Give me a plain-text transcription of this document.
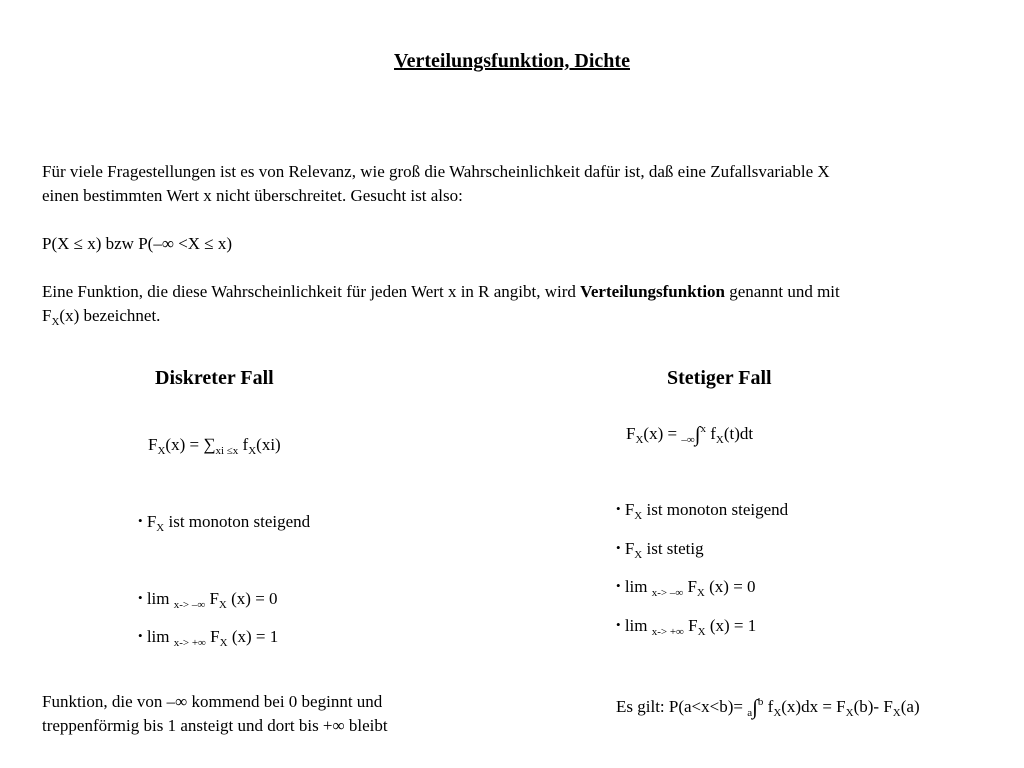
Verteilungsfunktion, Dichte
Für viele Fragestellungen ist es von Relevanz, wie groß die Wahrscheinlichkeit dafür ist, daß eine Zufallsvariable X
einen bestimmten Wert x nicht überschreitet. Gesucht ist also:
P(X ≤ x) bzw P(–∞ <X ≤ x)
Eine Funktion, die diese Wahrscheinlichkeit für jeden Wert x in R angibt, wird Verteilungsfunktion genannt und mit
$F_X(x)$ bezeichnet.
Diskreter Fall
$F_X(x) = \sum_{xi \le x}$ $f_X(xi)$
• $F_X$ ist monoton steigend
• lim $_{x-> -\infty}$ $F_X$ (x) = 0
• lim $_{x-> +\infty}$ $F_X$ (x) = 1
Funktion, die von –∞ kommend bei 0 beginnt und
treppenförmig bis 1 ansteigt und dort bis +∞ bleibt
Stetiger Fall
$F_X(x) = _{-\infty}\int^x$ $f_X(t)dt$
• $F_X$ ist monoton steigend
• $F_X$ ist stetig
• lim $_{x-> -\infty}$ $F_X$ (x) = 0
• lim $_{x-> +\infty}$ $F_X$ (x) = 1
Es gilt: P(a<x<b)= $_a$∫$^b$ $f_X(x)dx = F_X(b)-$ $F_X(a)$
